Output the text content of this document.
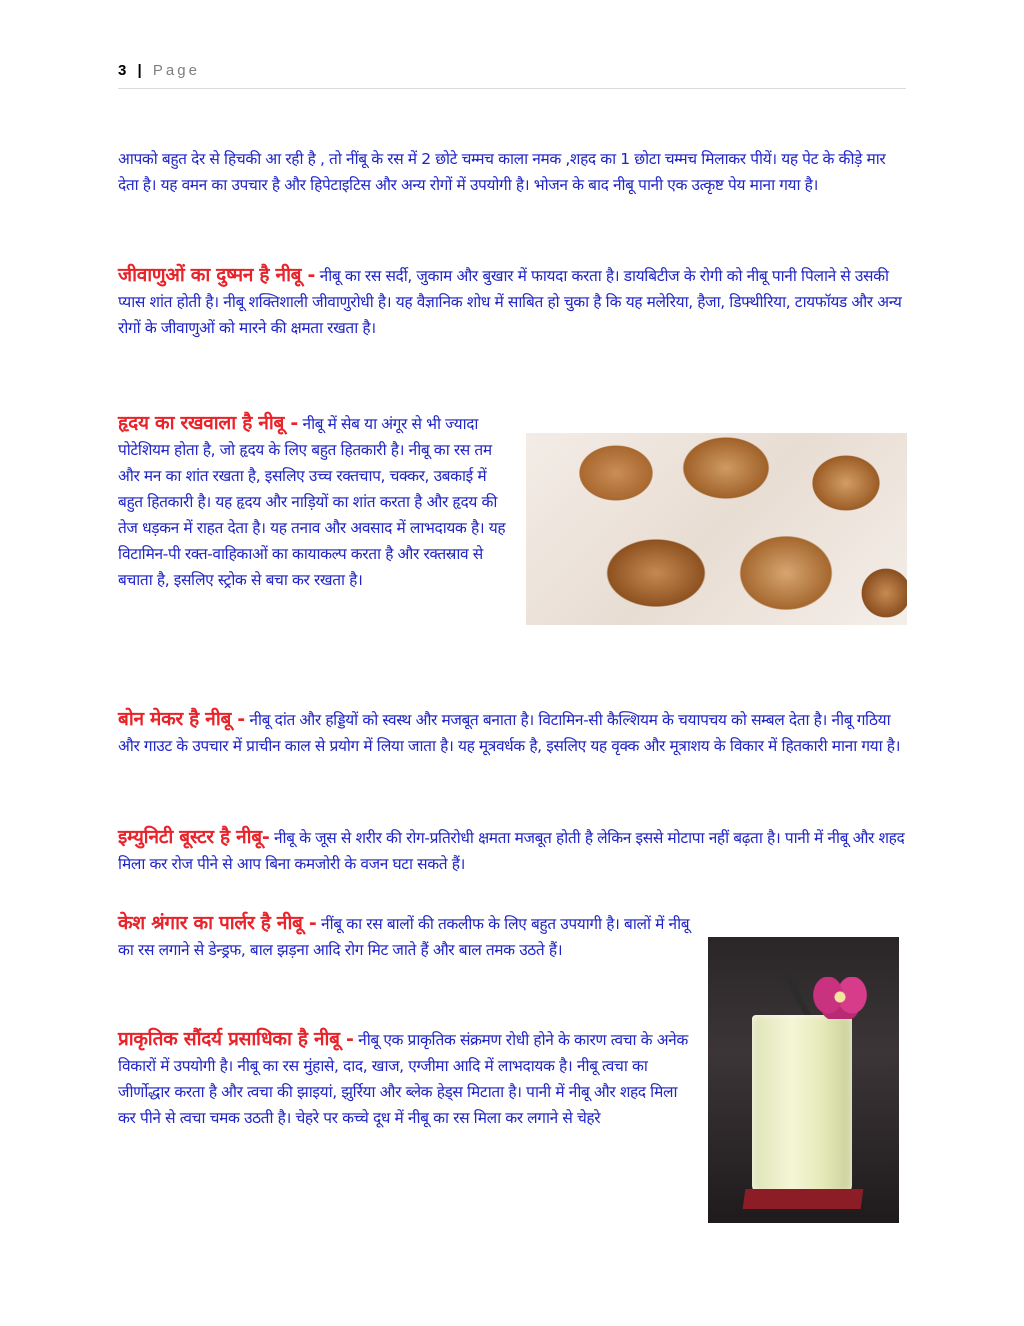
3 | Page
आपको बहुत देर से हिचकी आ रही है , तो नींबू के रस में 2 छोटे चम्मच काला नमक ,शहद का 1 छोटा चम्मच मिलाकर पीयें। यह पेट के कीड़े मार देता है। यह वमन का उपचार है और हिपेटाइटिस और अन्य रोगों में उपयोगी है। भोजन के बाद नीबू पानी एक उत्कृष्ट पेय माना गया है।
जीवाणुओं का दुष्मन है नीबू - नीबू का रस सर्दी, जुकाम और बुखार में फायदा करता है। डायबिटीज के रोगी को नीबू पानी पिलाने से उसकी प्यास शांत होती है। नीबू शक्तिशाली जीवाणुरोधी है। यह वैज्ञानिक शोध में साबित हो चुका है कि यह मलेरिया, हैजा, डिफ्थीरिया, टायफॉयड और अन्य रोगों के जीवाणुओं को मारने की क्षमता रखता है।
हृदय का रखवाला है नीबू - नीबू में सेब या अंगूर से भी ज्यादा पोटेशियम होता है, जो हृदय के लिए बहुत हितकारी है। नीबू का रस तम और मन का शांत रखता है, इसलिए उच्च रक्तचाप, चक्कर, उबकाई में बहुत हितकारी है। यह हृदय और नाड़ियों का शांत करता है और हृदय की तेज धड़कन में राहत देता है। यह तनाव और अवसाद में लाभदायक है। यह विटामिन-पी रक्त-वाहिकाओं का कायाकल्प करता है और रक्तस्राव से बचाता है, इसलिए स्ट्रोक से बचा कर रखता है।
बोन मेकर है नीबू - नीबू दांत और हड्डियों को स्वस्थ और मजबूत बनाता है। विटामिन-सी कैल्शियम के चयापचय को सम्बल देता है। नीबू गठिया और गाउट के उपचार में प्राचीन काल से प्रयोग में लिया जाता है। यह मूत्रवर्धक है, इसलिए यह वृक्क और मूत्राशय के विकार में हितकारी माना गया है।
इम्युनिटी बूस्टर है नीबू- नीबू के जूस से शरीर की रोग-प्रतिरोधी क्षमता मजबूत होती है लेकिन इससे मोटापा नहीं बढ़ता है। पानी में नीबू और शहद मिला कर रोज पीने से आप बिना कमजोरी के वजन घटा सकते हैं।
केश श्रंगार का पार्लर है नीबू - नींबू का रस बालों की तकलीफ के लिए बहुत उपयागी है। बालों में नीबू का रस लगाने से डेन्ड्रफ, बाल झड़ना आदि रोग मिट जाते हैं और बाल तमक उठते हैं।
प्राकृतिक सौंदर्य प्रसाधिका है नीबू - नीबू एक प्राकृतिक संक्रमण रोधी होने के कारण त्वचा के अनेक विकारों में उपयोगी है। नीबू का रस मुंहासे, दाद, खाज, एग्जीमा आदि में लाभदायक है। नीबू त्वचा का जीर्णोद्धार करता है और त्वचा की झाइयां, झुर्रिया और ब्लेक हेड्स मिटाता है। पानी में नीबू और शहद मिला कर पीने से त्वचा चमक उठती है। चेहरे पर कच्चे दूध में नीबू का रस मिला कर लगाने से चेहरे
